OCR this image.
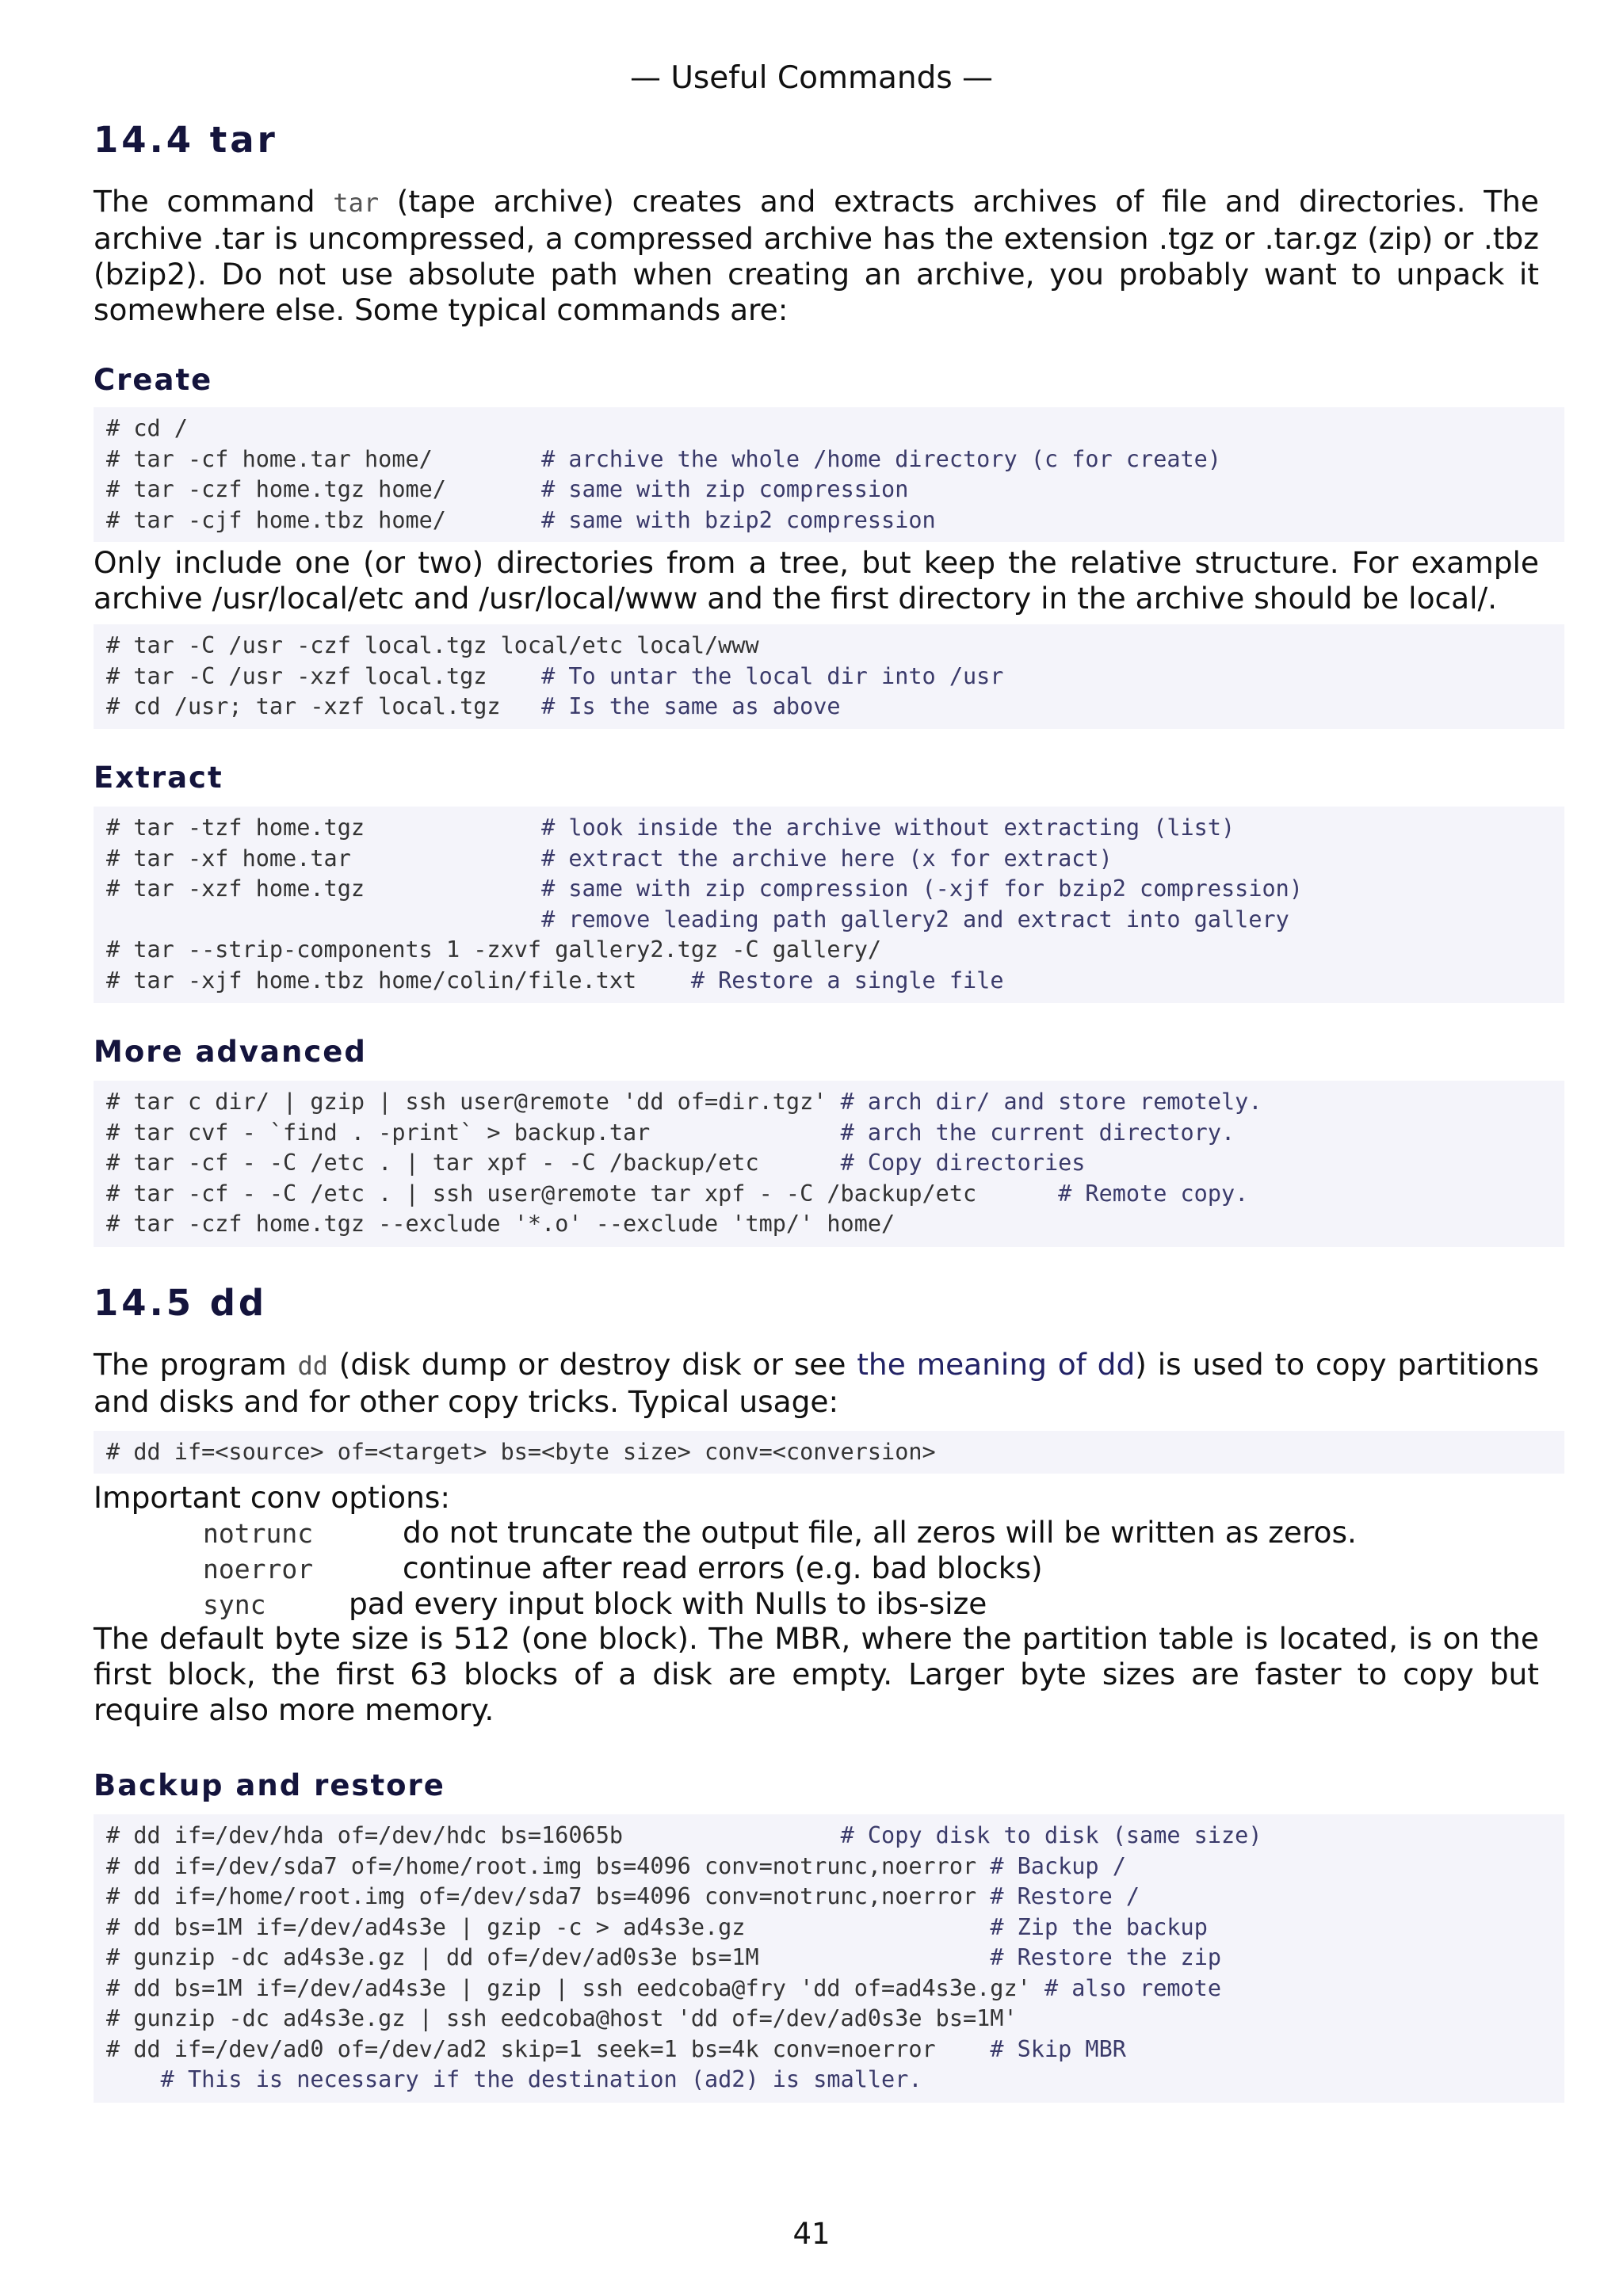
— Useful Commands —
14.4 tar

The command tar (tape archive) creates and extracts archives of file and directories. The archive .tar is uncompressed, a compressed archive has the extension .tgz or .tar.gz (zip) or .tbz (bzip2). Do not use absolute path when creating an archive, you probably want to unpack it somewhere else. Some typical commands are:

Create
# cd /
# tar -cf home.tar home/        # archive the whole /home directory (c for create)
# tar -czf home.tgz home/       # same with zip compression
# tar -cjf home.tbz home/       # same with bzip2 compression

Only include one (or two) directories from a tree, but keep the relative structure. For example archive /usr/local/etc and /usr/local/www and the first directory in the archive should be local/.

# tar -C /usr -czf local.tgz local/etc local/www
# tar -C /usr -xzf local.tgz    # To untar the local dir into /usr
# cd /usr; tar -xzf local.tgz   # Is the same as above
Extract
# tar -tzf home.tgz             # look inside the archive without extracting (list)
# tar -xf home.tar              # extract the archive here (x for extract)
# tar -xzf home.tgz             # same with zip compression (-xjf for bzip2 compression)
# remove leading path gallery2 and extract into gallery
# tar --strip-components 1 -zxvf gallery2.tgz -C gallery/
# tar -xjf home.tbz home/colin/file.txt    # Restore a single file
More advanced
# tar c dir/ | gzip | ssh user@remote 'dd of=dir.tgz' # arch dir/ and store remotely.
# tar cvf - `find . -print` > backup.tar              # arch the current directory.
# tar -cf - -C /etc . | tar xpf - -C /backup/etc      # Copy directories
# tar -cf - -C /etc . | ssh user@remote tar xpf - -C /backup/etc      # Remote copy.
# tar -czf home.tgz --exclude '*.o' --exclude 'tmp/' home/
14.5 dd

The program dd (disk dump or destroy disk or see the meaning of dd) is used to copy partitions and disks and for other copy tricks. Typical usage:

# dd if=<source> of=<target> bs=<byte size> conv=<conversion>

Important conv options:

notrunc	do not truncate the output file, all zeros will be written as zeros.
noerror	continue after read errors (e.g. bad blocks)
sync	pad every input block with Nulls to ibs-size

The default byte size is 512 (one block). The MBR, where the partition table is located, is on the first block, the first 63 blocks of a disk are empty. Larger byte sizes are faster to copy but require also more memory.

Backup and restore
# dd if=/dev/hda of=/dev/hdc bs=16065b                # Copy disk to disk (same size)
# dd if=/dev/sda7 of=/home/root.img bs=4096 conv=notrunc,noerror # Backup /
# dd if=/home/root.img of=/dev/sda7 bs=4096 conv=notrunc,noerror # Restore /
# dd bs=1M if=/dev/ad4s3e | gzip -c > ad4s3e.gz                  # Zip the backup
# gunzip -dc ad4s3e.gz | dd of=/dev/ad0s3e bs=1M                 # Restore the zip
# dd bs=1M if=/dev/ad4s3e | gzip | ssh eedcoba@fry 'dd of=ad4s3e.gz' # also remote
# gunzip -dc ad4s3e.gz | ssh eedcoba@host 'dd of=/dev/ad0s3e bs=1M'
# dd if=/dev/ad0 of=/dev/ad2 skip=1 seek=1 bs=4k conv=noerror    # Skip MBR
# This is necessary if the destination (ad2) is smaller.
41
